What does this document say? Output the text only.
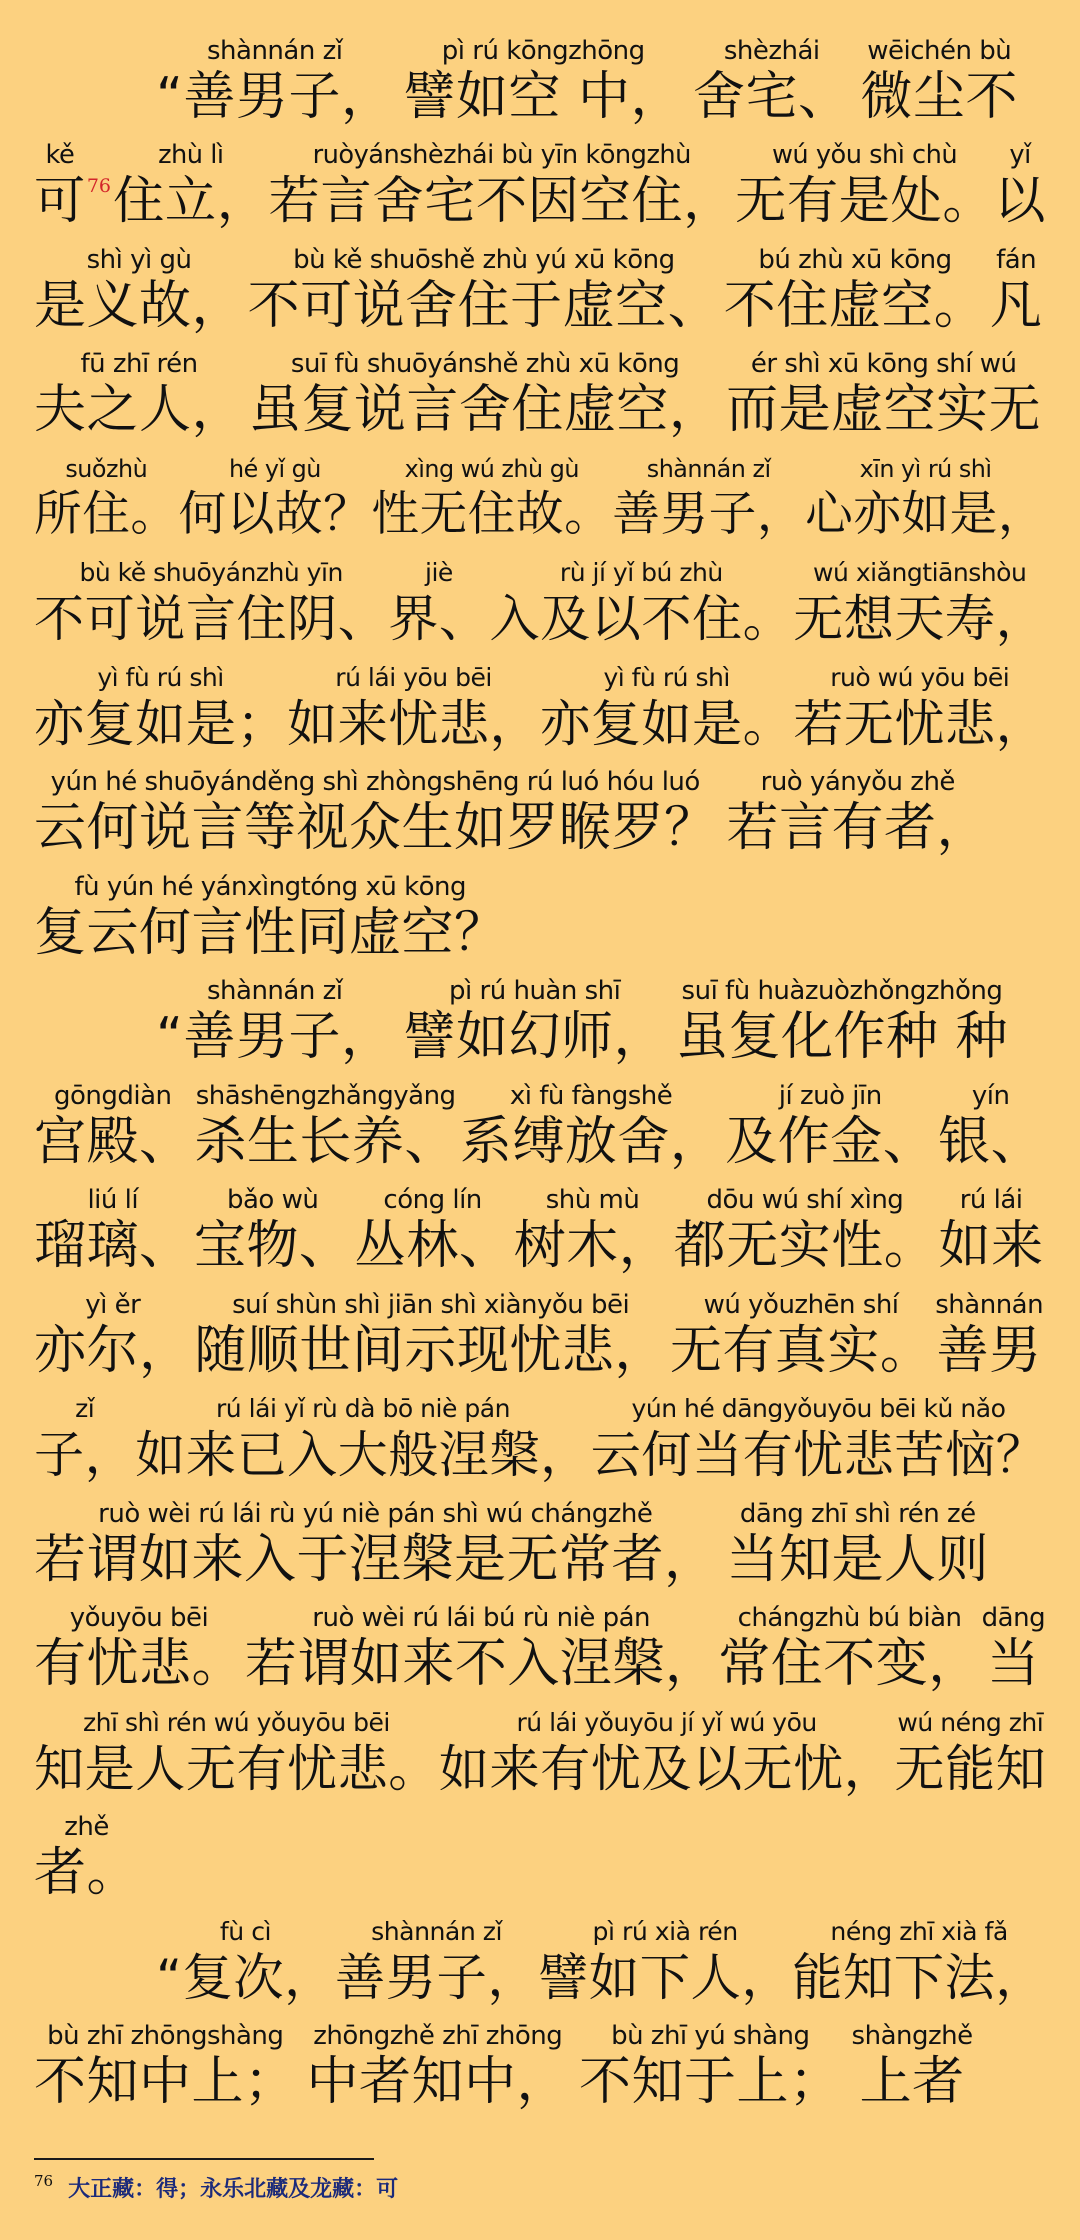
shànnán zǐ
“善男子，
pì rú kōngzhōng
譬如空 中，
shèzhái
舍宅、
wēichén bù
微尘不
kě
可$^{76}$
zhù lì
住立，
ruòyánshèzhái bù yīn kōngzhù
若言舍宅不因空住，
wú yǒu shì chù
无有是处。
yǐ
以
shì yì gù
是义故，
bù kě shuōshě zhù yú xū kōng
不可说舍住于虚空、
bú zhù xū kōng
不住虚空。
fán
凡
fū zhī rén
夫之人，
suī fù shuōyánshě zhù xū kōng
虽复说言舍住虚空，
ér shì xū kōng shí wú
而是虚空实无
suǒzhù
所住。
hé yǐ gù
何以故？
xìng wú zhù gù
性无住故。
shànnán zǐ
善男子，
xīn yì rú shì
心亦如是，
bù kě shuōyánzhù yīn
不可说言住阴、
jiè
界、
rù jí yǐ bú zhù
入及以不住。
wú xiǎngtiānshòu
无想天寿，
yì fù rú shì
亦复如是；
rú lái yōu bēi
如来忧悲，
yì fù rú shì
亦复如是。
ruò wú yōu bēi
若无忧悲，
yún hé shuōyánděng shì zhòngshēng rú luó hóu luó
云何说言等视众生如罗睺罗？
ruò yányǒu zhě
若言有者，
fù yún hé yánxìngtóng xū kōng
复云何言性同虚空？
shànnán zǐ
“善男子，
pì rú huàn shī
譬如幻师，
suī fù huàzuòzhǒngzhǒng
虽复化作种 种
gōngdiàn
宫殿、
shāshēngzhǎngyǎng
杀生长养、
xì fù fàngshě
系缚放舍，
jí zuò jīn
及作金、
yín
银、
liú lí
瑠璃、
bǎo wù
宝物、
cóng lín
丛林、
shù mù
树木，
dōu wú shí xìng
都无实性。
rú lái
如来
yì ěr
亦尔，
suí shùn shì jiān shì xiànyǒu bēi
随顺世间示现忧悲，
wú yǒuzhēn shí
无有真实。
shànnán
善男
zǐ
子，
rú lái yǐ rù dà bō niè pán
如来已入大般涅槃，
yún hé dāngyǒuyōu bēi kǔ nǎo
云何当有忧悲苦恼？
ruò wèi rú lái rù yú niè pán shì wú chángzhě
若谓如来入于涅槃是无常者，
dāng zhī shì rén zé
当知是人则
yǒuyōu bēi
有忧悲。
ruò wèi rú lái bú rù niè pán
若谓如来不入涅槃，
chángzhù bú biàn
常住不变，
dāng
当
zhī shì rén wú yǒuyōu bēi
知是人无有忧悲。
rú lái yǒuyōu jí yǐ wú yōu
如来有忧及以无忧，
wú néng zhī
无能知
zhě
者。
fù cì
“复次，
shànnán zǐ
善男子，
pì rú xià rén
譬如下人，
néng zhī xià fǎ
能知下法，
bù zhī zhōngshàng
不知中上；
zhōngzhě zhī zhōng
中者知中，
bù zhī yú shàng
不知于上；
shàngzhě
上者
$^{76}$ 大正藏：得；永乐北藏及龙藏：可
